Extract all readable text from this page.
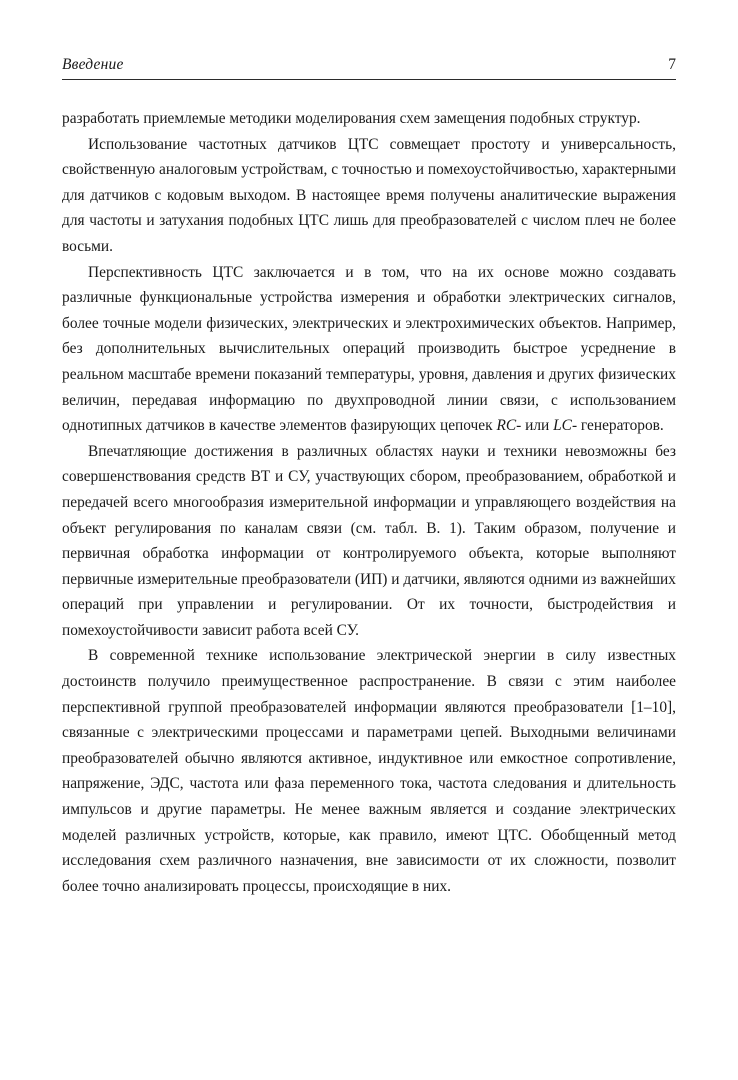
Введение	7

разработать приемлемые методики моделирования схем замещения подобных структур.

Использование частотных датчиков ЦТС совмещает простоту и универсальность, свойственную аналоговым устройствам, с точностью и помехоустойчивостью, характерными для датчиков с кодовым выходом. В настоящее время получены аналитические выражения для частоты и затухания подобных ЦТС лишь для преобразователей с числом плеч не более восьми.

Перспективность ЦТС заключается и в том, что на их основе можно создавать различные функциональные устройства измерения и обработки электрических сигналов, более точные модели физических, электрических и электрохимических объектов. Например, без дополнительных вычислительных операций производить быстрое усреднение в реальном масштабе времени показаний температуры, уровня, давления и других физических величин, передавая информацию по двухпроводной линии связи, с использованием однотипных датчиков в качестве элементов фазирующих цепочек RC- или LC- генераторов.

Впечатляющие достижения в различных областях науки и техники невозможны без совершенствования средств ВТ и СУ, участвующих сбором, преобразованием, обработкой и передачей всего многообразия измерительной информации и управляющего воздействия на объект регулирования по каналам связи (см. табл. В. 1). Таким образом, получение и первичная обработка информации от контролируемого объекта, которые выполняют первичные измерительные преобразователи (ИП) и датчики, являются одними из важнейших операций при управлении и регулировании. От их точности, быстродействия и помехоустойчивости зависит работа всей СУ.

В современной технике использование электрической энергии в силу известных достоинств получило преимущественное распространение. В связи с этим наиболее перспективной группой преобразователей информации являются преобразователи [1–10], связанные с электрическими процессами и параметрами цепей. Выходными величинами преобразователей обычно являются активное, индуктивное или емкостное сопротивление, напряжение, ЭДС, частота или фаза переменного тока, частота следования и длительность импульсов и другие параметры. Не менее важным является и создание электрических моделей различных устройств, которые, как правило, имеют ЦТС. Обобщенный метод исследования схем различного назначения, вне зависимости от их сложности, позволит более точно анализировать процессы, происходящие в них.
